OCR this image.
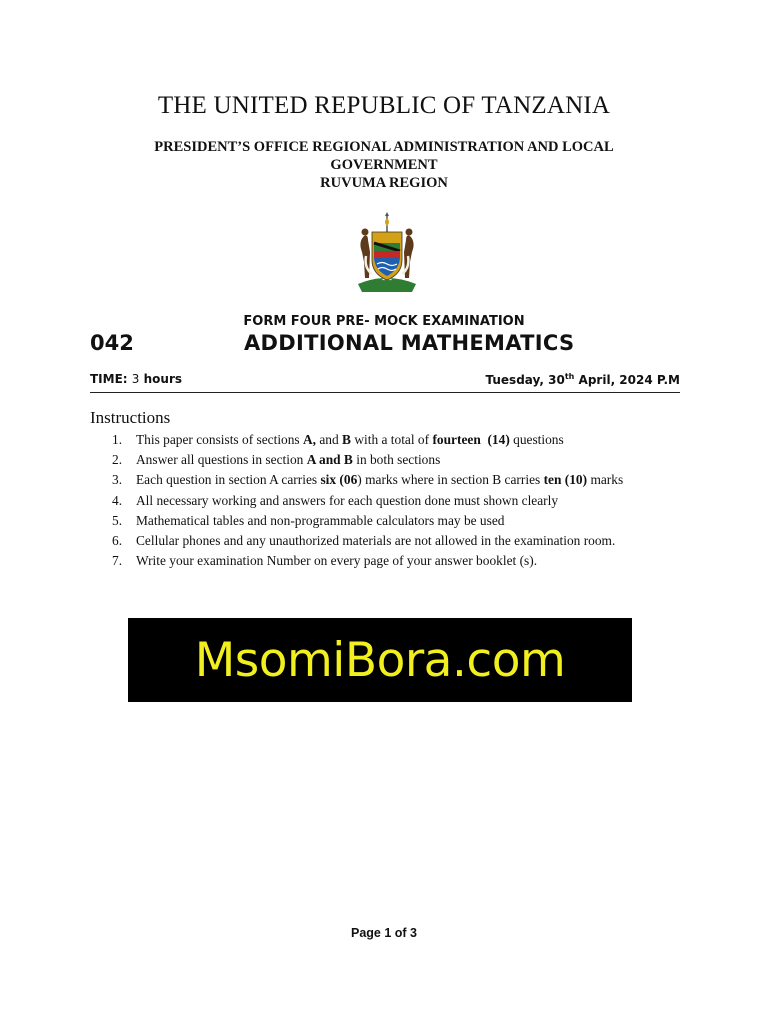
THE UNITED REPUBLIC OF TANZANIA
PRESIDENT’S OFFICE REGIONAL ADMINISTRATION AND LOCAL
GOVERNMENT
RUVUMA REGION
FORM FOUR PRE- MOCK EXAMINATION
042	ADDITIONAL MATHEMATICS
TIME: 3 hours	Tuesday, 30th April, 2024 P.M
Instructions
1. This paper consists of sections A, and B with a total of fourteen  (14) questions
2. Answer all questions in section A and B in both sections
3. Each question in section A carries six (06) marks where in section B carries ten (10) marks
4. All necessary working and answers for each question done must shown clearly
5. Mathematical tables and non-programmable calculators may be used
6. Cellular phones and any unauthorized materials are not allowed in the examination room.
7. Write your examination Number on every page of your answer booklet (s).
MsomiBora.com
Page 1 of 3
